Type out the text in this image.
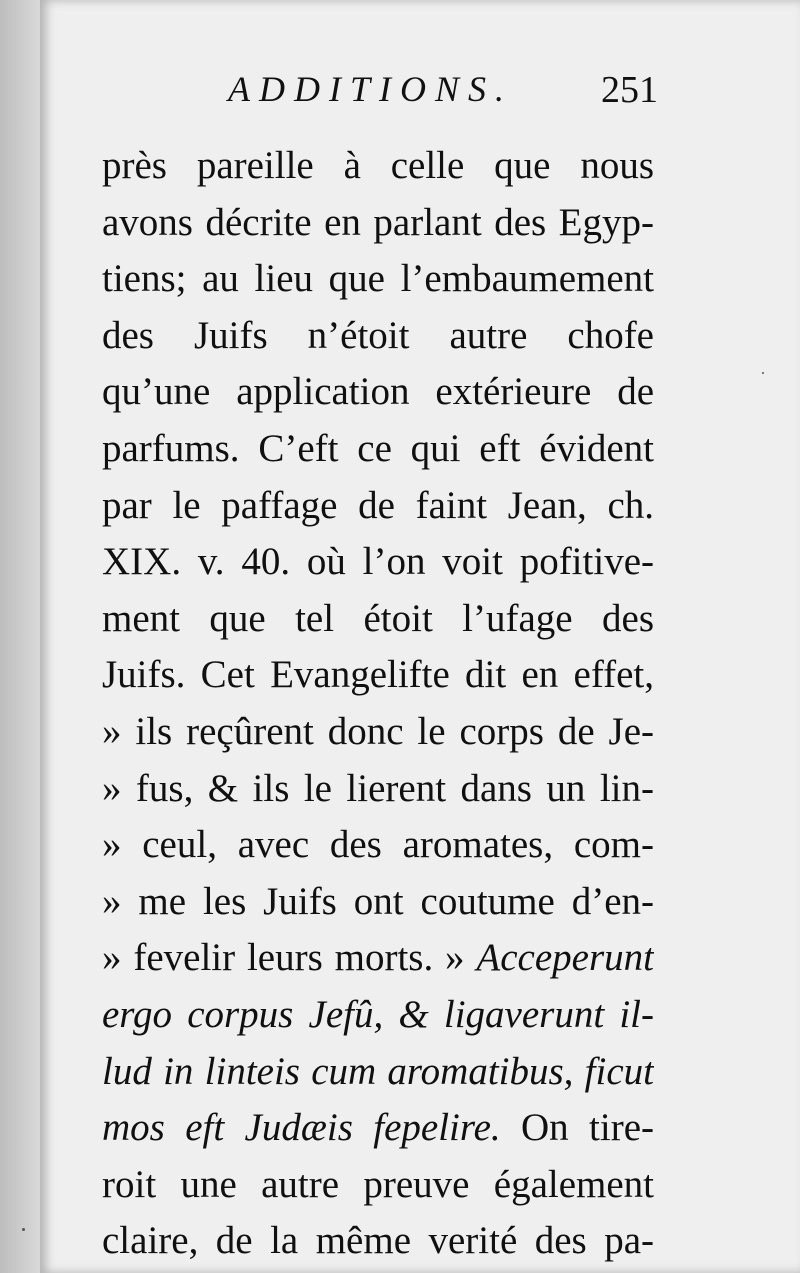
ADDITIONS. 251
près pareille à celle que nous
avons décrite en parlant des Egyp-
tiens; au lieu que l’embaumement
des Juifs n’étoit autre chofe
qu’une application extérieure de
parfums. C’eft ce qui eft évident
par le paffage de faint Jean, ch.
XIX. v. 40. où l’on voit pofitive-
ment que tel étoit l’ufage des
Juifs. Cet Evangelifte dit en effet,
» ils reçûrent donc le corps de Je-
» fus, & ils le lierent dans un lin-
» ceul, avec des aromates, com-
» me les Juifs ont coutume d’en-
» fevelir leurs morts. » Acceperunt
ergo corpus Jefû, & ligaverunt il-
lud in linteis cum aromatibus, ficut
mos eft Judæis fepelire. On tire-
roit une autre preuve également
claire, de la même verité des pa-
